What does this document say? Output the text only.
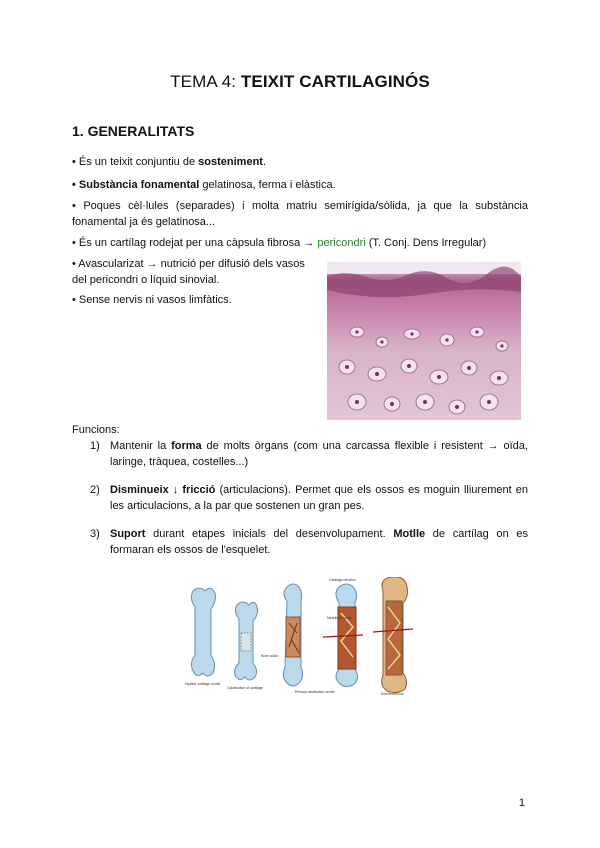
TEMA 4: TEIXIT CARTILAGINÓS
1. GENERALITATS
• És un teixit conjuntiu de sosteniment.
• Substància fonamental gelatinosa, ferma i elàstica.
• Poques cèl·lules (separades) i molta matriu semirígida/sòlida, ja que la substància fonamental ja és gelatinosa...
• És un cartílag rodejat per una càpsula fibrosa → pericondri (T. Conj. Dens Irregular)
• Avascularizat → nutrició per difusió dels vasos del pericondri o líquid sinovial.
• Sense nervis ni vasos limfàtics.
Funcions:
1) Mantenir la forma de molts òrgans (com una carcassa flexible i resistent → oïda, laringe, tràquea, costelles...)
2) Disminueix ↓ fricció (articulacions). Permet que els ossos es moguin lliurement en les articulacions, a la par que sostenen un gran pes.
3) Suport durant etapes inicials del desenvolupament. Motlle de cartílag on es formaran els ossos de l'esquelet.
Hyaline cartilage model
Calcification of cartilage
Bone collar
Primary ossification center
Cartilage remains
Medullary cavity
Epiphyseal line
1
